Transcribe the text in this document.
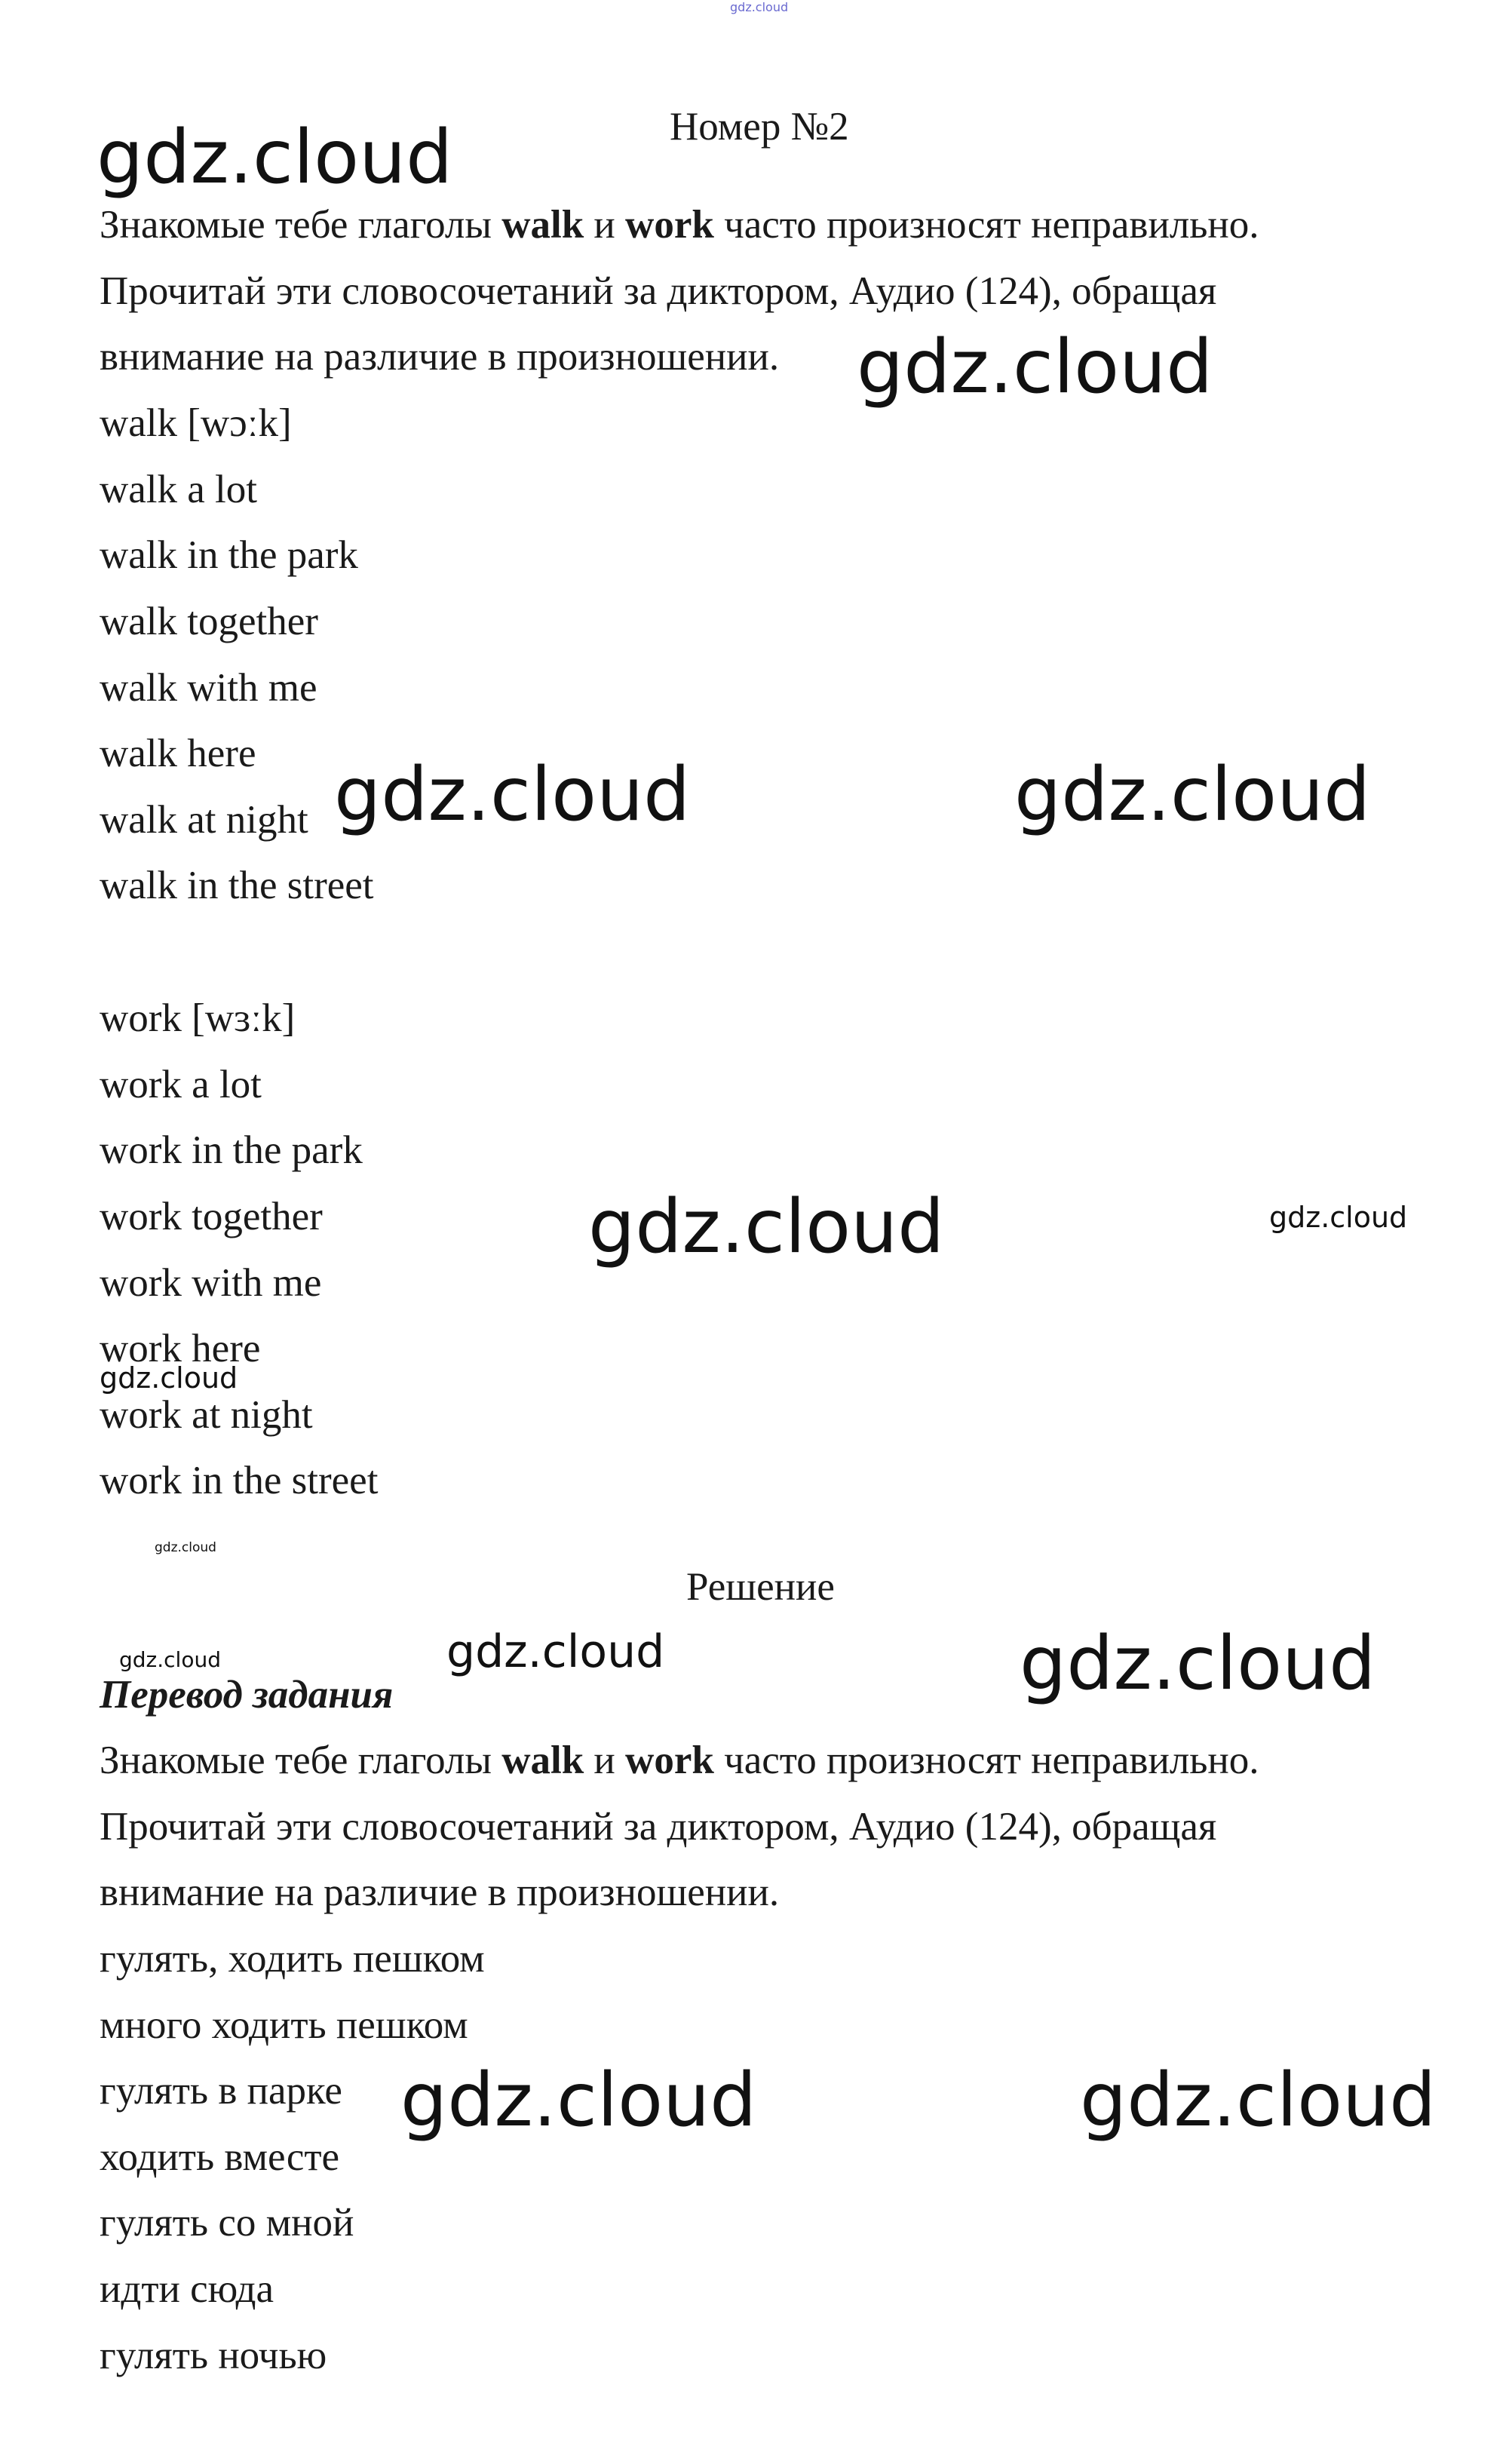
gdz.cloud
Номер №2
Знакомые тебе глаголы walk и work часто произносят неправильно.
Прочитай эти словосочетаний за диктором, Аудио (124), обращая
внимание на различие в произношении.
walk [wɔːk]
walk a lot
walk in the park
walk together
walk with me
walk here
walk at night
walk in the street
work [wɜːk]
work a lot
work in the park
work together
work with me
work here
work at night
work in the street
Решение
Перевод задания
Знакомые тебе глаголы walk и work часто произносят неправильно.
Прочитай эти словосочетаний за диктором, Аудио (124), обращая
внимание на различие в произношении.
гулять, ходить пешком
много ходить пешком
гулять в парке
ходить вместе
гулять со мной
идти сюда
гулять ночью
gdz.cloud
gdz.cloud
gdz.cloud	gdz.cloud
gdz.cloud	gdz.cloud
gdz.cloud
gdz.cloud
gdz.cloud	gdz.cloud	gdz.cloud
gdz.cloud	gdz.cloud
